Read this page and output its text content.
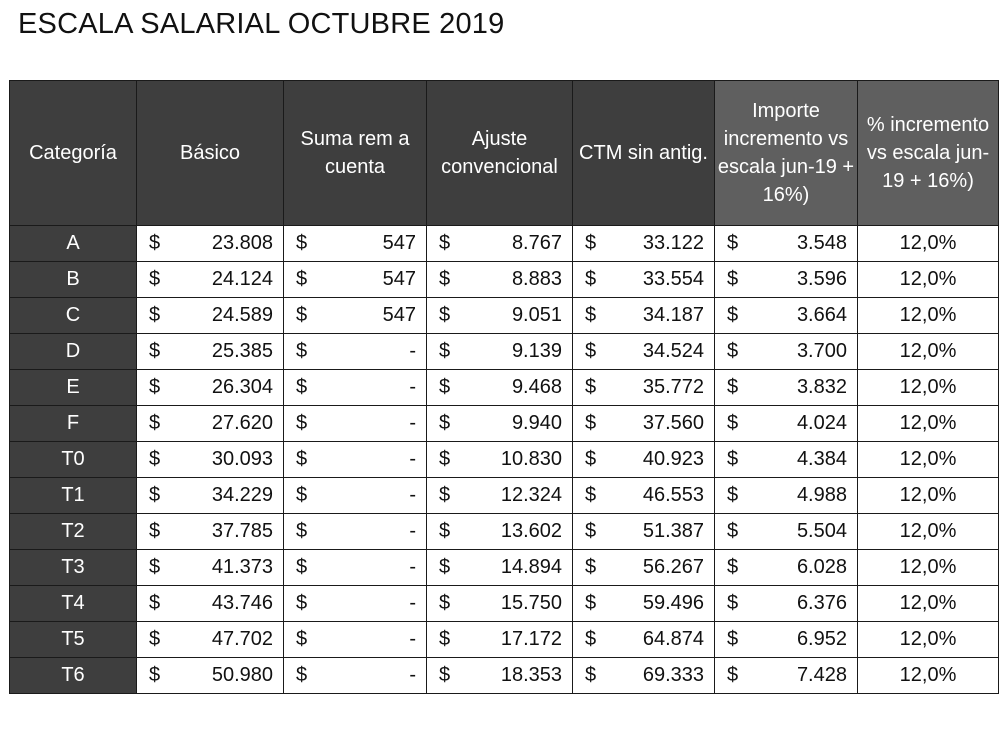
ESCALA SALARIAL OCTUBRE 2019
Categoría	Básico	Suma rem a cuenta	Ajuste convencional	CTM sin antig.	Importe incremento vs escala jun-19 + 16%)	% incremento vs escala jun-19 + 16%)
A	$ 23.808	$ 547	$ 8.767	$ 33.122	$ 3.548	12,0%
B	$ 24.124	$ 547	$ 8.883	$ 33.554	$ 3.596	12,0%
C	$ 24.589	$ 547	$ 9.051	$ 34.187	$ 3.664	12,0%
D	$ 25.385	$ -	$ 9.139	$ 34.524	$ 3.700	12,0%
E	$ 26.304	$ -	$ 9.468	$ 35.772	$ 3.832	12,0%
F	$ 27.620	$ -	$ 9.940	$ 37.560	$ 4.024	12,0%
T0	$ 30.093	$ -	$ 10.830	$ 40.923	$ 4.384	12,0%
T1	$ 34.229	$ -	$ 12.324	$ 46.553	$ 4.988	12,0%
T2	$ 37.785	$ -	$ 13.602	$ 51.387	$ 5.504	12,0%
T3	$ 41.373	$ -	$ 14.894	$ 56.267	$ 6.028	12,0%
T4	$ 43.746	$ -	$ 15.750	$ 59.496	$ 6.376	12,0%
T5	$ 47.702	$ -	$ 17.172	$ 64.874	$ 6.952	12,0%
T6	$ 50.980	$ -	$ 18.353	$ 69.333	$ 7.428	12,0%
